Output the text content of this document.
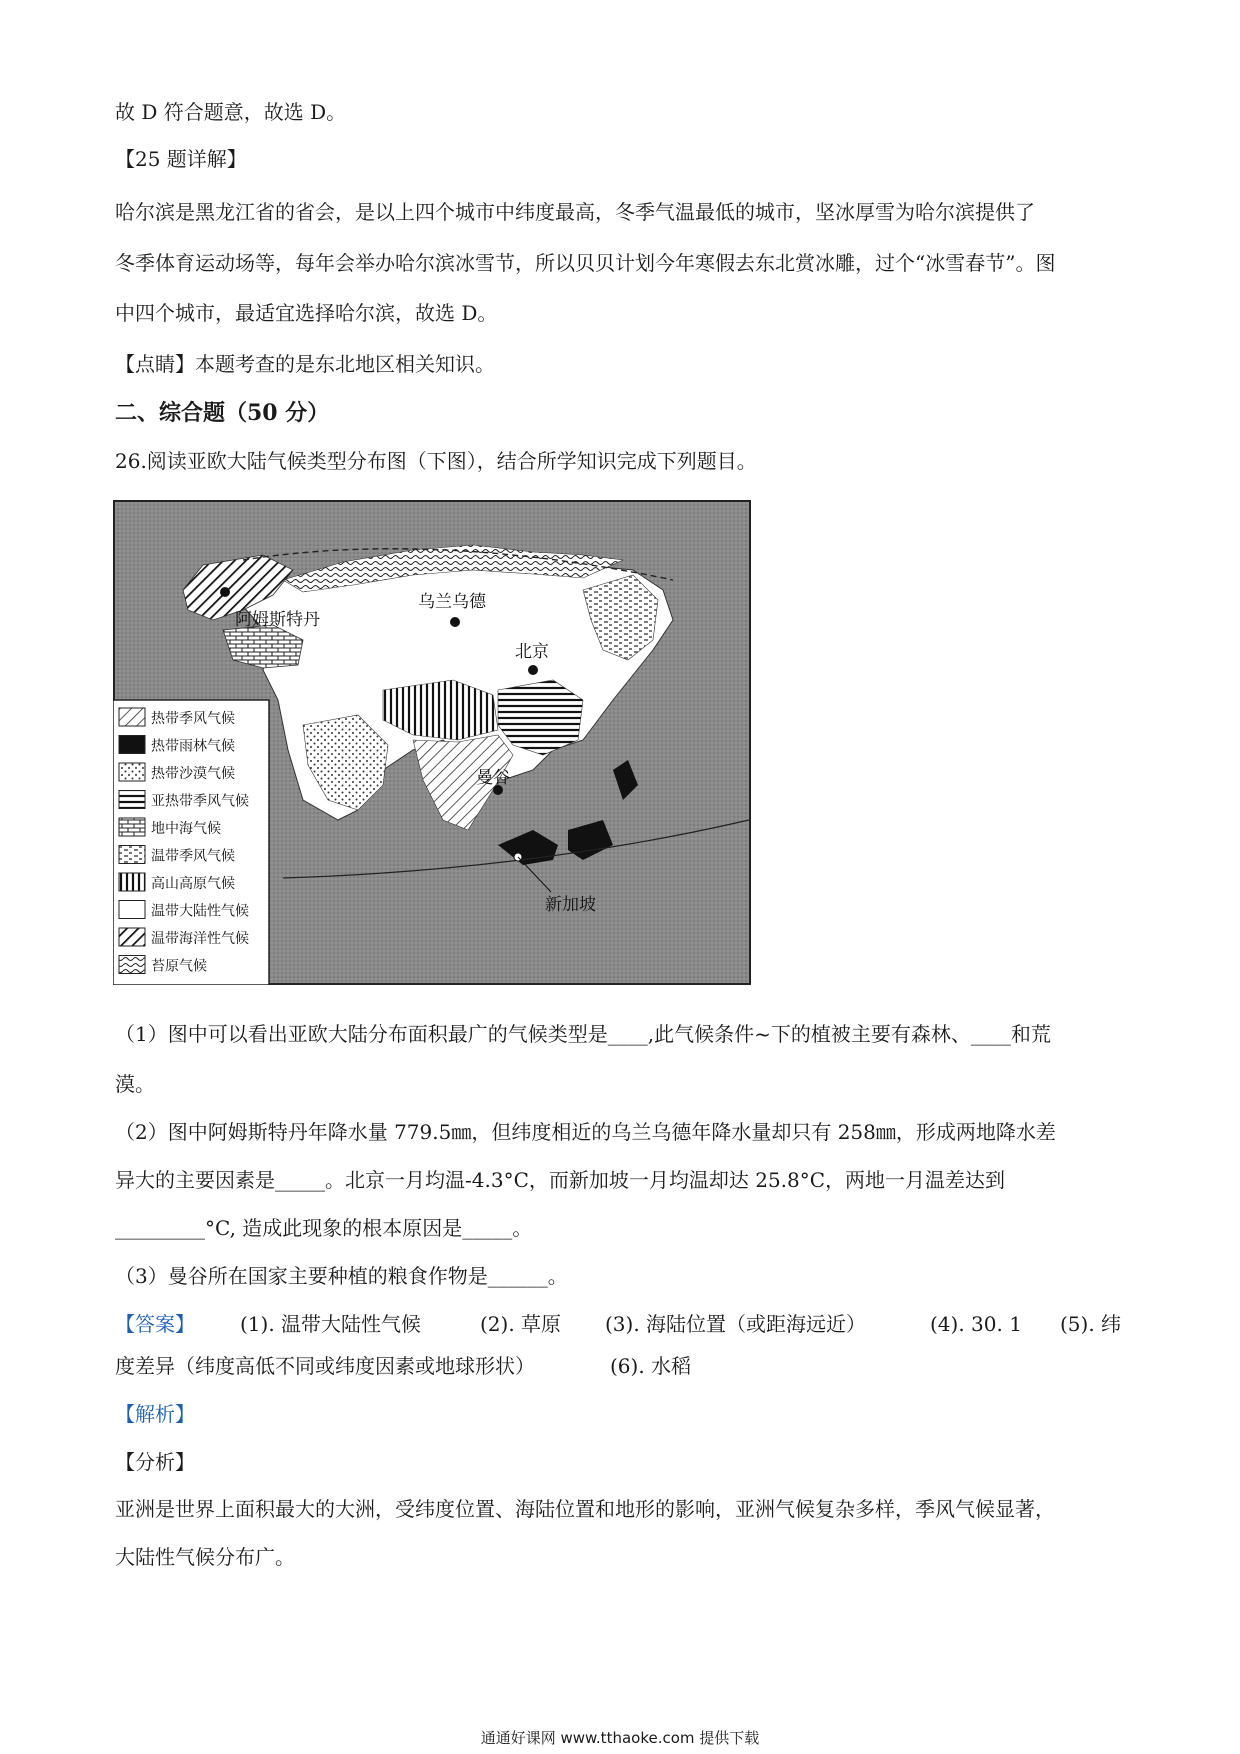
故 D 符合题意，故选 D。
【25 题详解】
哈尔滨是黑龙江省的省会，是以上四个城市中纬度最高，冬季气温最低的城市，坚冰厚雪为哈尔滨提供了
冬季体育运动场等，每年会举办哈尔滨冰雪节，所以贝贝计划今年寒假去东北赏冰雕，过个“冰雪春节”。图
中四个城市，最适宜选择哈尔滨，故选 D。
【点睛】本题考查的是东北地区相关知识。
二、综合题（50 分）
26.阅读亚欧大陆气候类型分布图（下图），结合所学知识完成下列题目。
阿姆斯特丹
乌兰乌德
北京
曼谷
新加坡
热带季风气候
热带雨林气候
热带沙漠气候
亚热带季风气候
地中海气候
温带季风气候
高山高原气候
温带大陆性气候
温带海洋性气候
苔原气候
（1）图中可以看出亚欧大陆分布面积最广的气候类型是____,此气候条件~下的植被主要有森林、____和荒
漠。
（2）图中阿姆斯特丹年降水量 779.5㎜，但纬度相近的乌兰乌德年降水量却只有 258㎜，形成两地降水差
异大的主要因素是_____。北京一月均温-4.3°C，而新加坡一月均温却达 25.8°C，两地一月温差达到
_________°C, 造成此现象的根本原因是_____。
（3）曼谷所在国家主要种植的粮食作物是______。
【答案】 (1). 温带大陆性气候	(2). 草原 (3). 海陆位置（或距海远近）	(4). 30. 1 (5). 纬
度差异（纬度高低不同或纬度因素或地球形状）	(6). 水稻
【解析】
【分析】
亚洲是世界上面积最大的大洲，受纬度位置、海陆位置和地形的影响，亚洲气候复杂多样，季风气候显著，
大陆性气候分布广。
通通好课网 www.tthaoke.com 提供下载
